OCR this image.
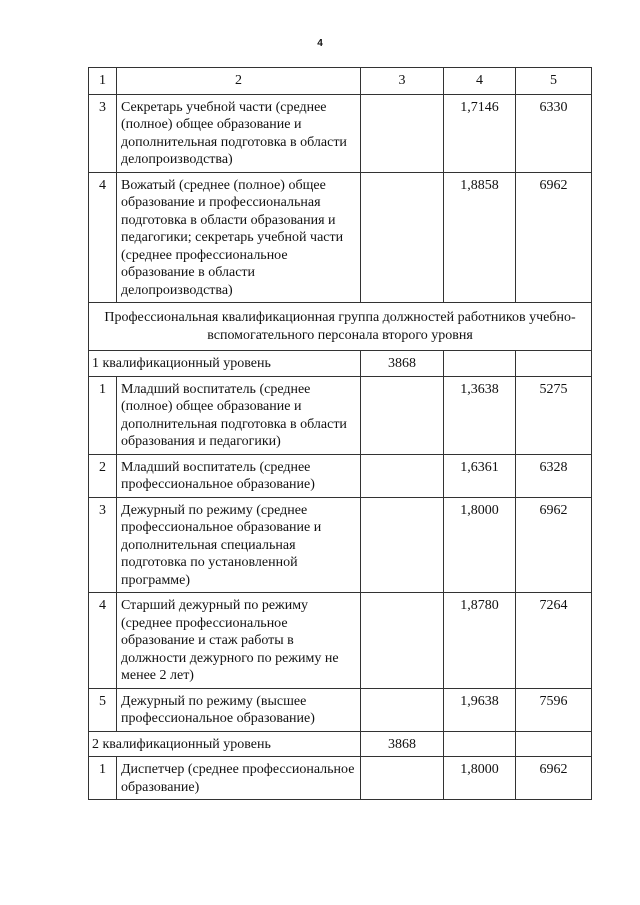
4
1	2	3	4	5
3	Секретарь учебной части (среднее (полное) общее образование и дополнительная подготовка в области делопроизводства)		1,7146	6330
4	Вожатый (среднее (полное) общее образование и профессиональная подготовка в области образования и педагогики; секретарь учебной части (среднее профессиональное образование в области делопроизводства)		1,8858	6962
Профессиональная квалификационная группа должностей работников учебно-вспомогательного персонала второго уровня				
1 квалификационный уровень		3868		
1	Младший воспитатель (среднее (полное) общее образование и дополнительная подготовка в области образования и педагогики)		1,3638	5275
2	Младший воспитатель (среднее профессиональное образование)		1,6361	6328
3	Дежурный по режиму (среднее профессиональное образование и дополнительная специальная подготовка по установленной программе)		1,8000	6962
4	Старший дежурный по режиму (среднее профессиональное образование и стаж работы в должности дежурного по режиму не менее 2 лет)		1,8780	7264
5	Дежурный по режиму (высшее профессиональное образование)		1,9638	7596
2 квалификационный уровень		3868		
1	Диспетчер (среднее профессиональное образование)		1,8000	6962
